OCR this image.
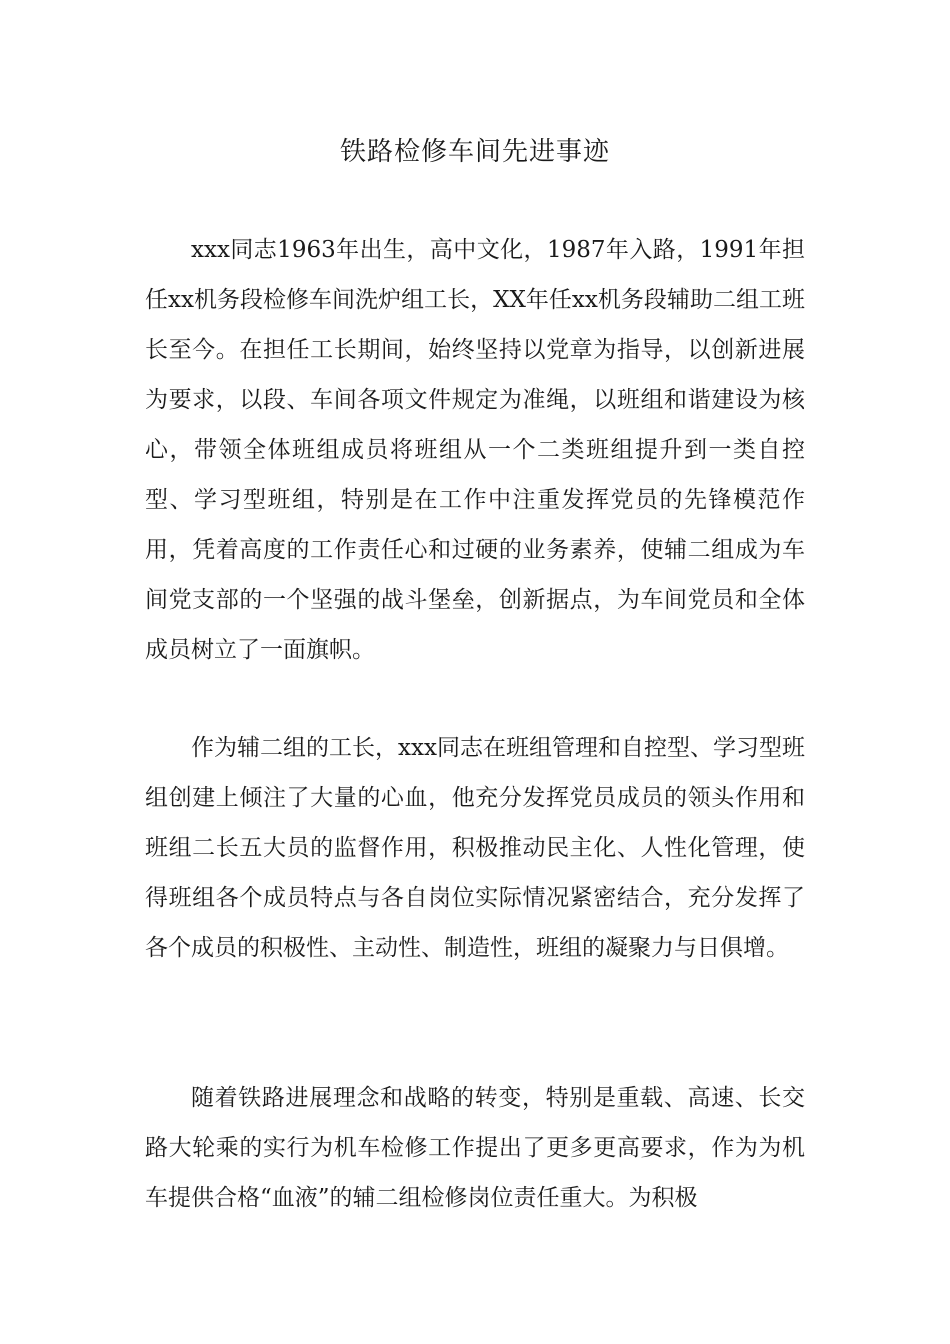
铁路检修车间先进事迹

xxx同志1963年出生，高中文化，1987年入路，1991年担任xx机务段检修车间洗炉组工长，XX年任xx机务段辅助二组工班长至今。在担任工长期间，始终坚持以党章为指导，以创新进展为要求，以段、车间各项文件规定为准绳，以班组和谐建设为核心，带领全体班组成员将班组从一个二类班组提升到一类自控型、学习型班组，特别是在工作中注重发挥党员的先锋模范作用，凭着高度的工作责任心和过硬的业务素养，使辅二组成为车间党支部的一个坚强的战斗堡垒，创新据点，为车间党员和全体成员树立了一面旗帜。

作为辅二组的工长，xxx同志在班组管理和自控型、学习型班组创建上倾注了大量的心血，他充分发挥党员成员的领头作用和班组二长五大员的监督作用，积极推动民主化、人性化管理，使得班组各个成员特点与各自岗位实际情况紧密结合，充分发挥了各个成员的积极性、主动性、制造性，班组的凝聚力与日俱增。

随着铁路进展理念和战略的转变，特别是重载、高速、长交路大轮乘的实行为机车检修工作提出了更多更高要求，作为为机车提供合格“血液”的辅二组检修岗位责任重大。为积极
